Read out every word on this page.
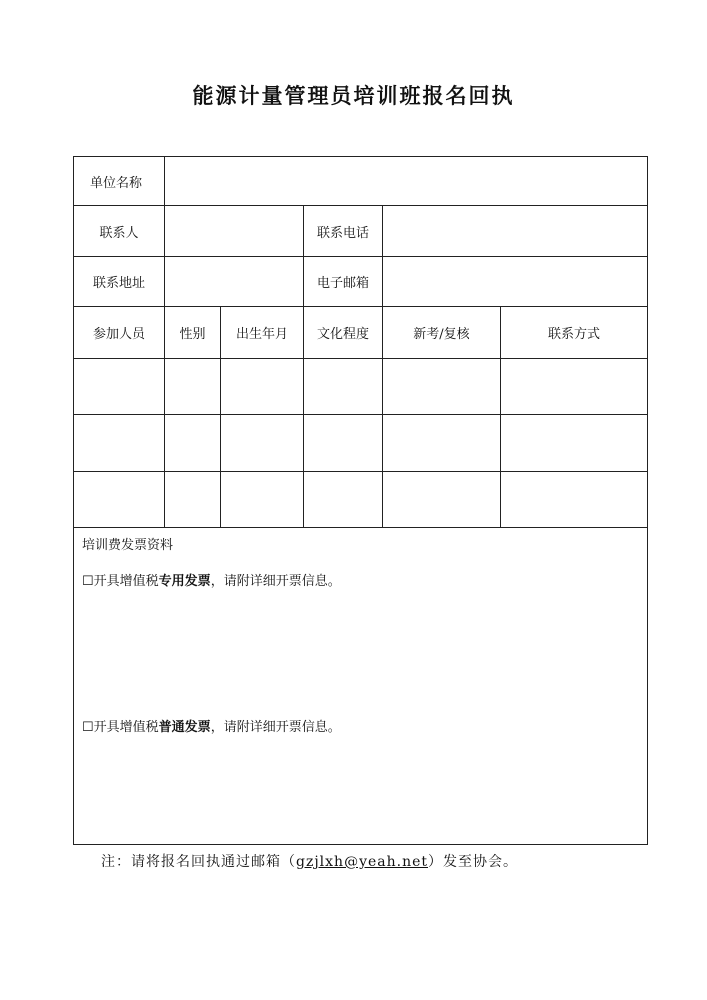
能源计量管理员培训班报名回执
单位名称					
联系人			联系电话		
联系地址			电子邮箱		
参加人员	性别	出生年月	文化程度	新考/复核	联系方式

培训费发票资料
☐开具增值税专用发票，请附详细开票信息。
☐开具增值税普通发票，请附详细开票信息。					
注：请将报名回执通过邮箱（gzjlxh@yeah.net）发至协会。
